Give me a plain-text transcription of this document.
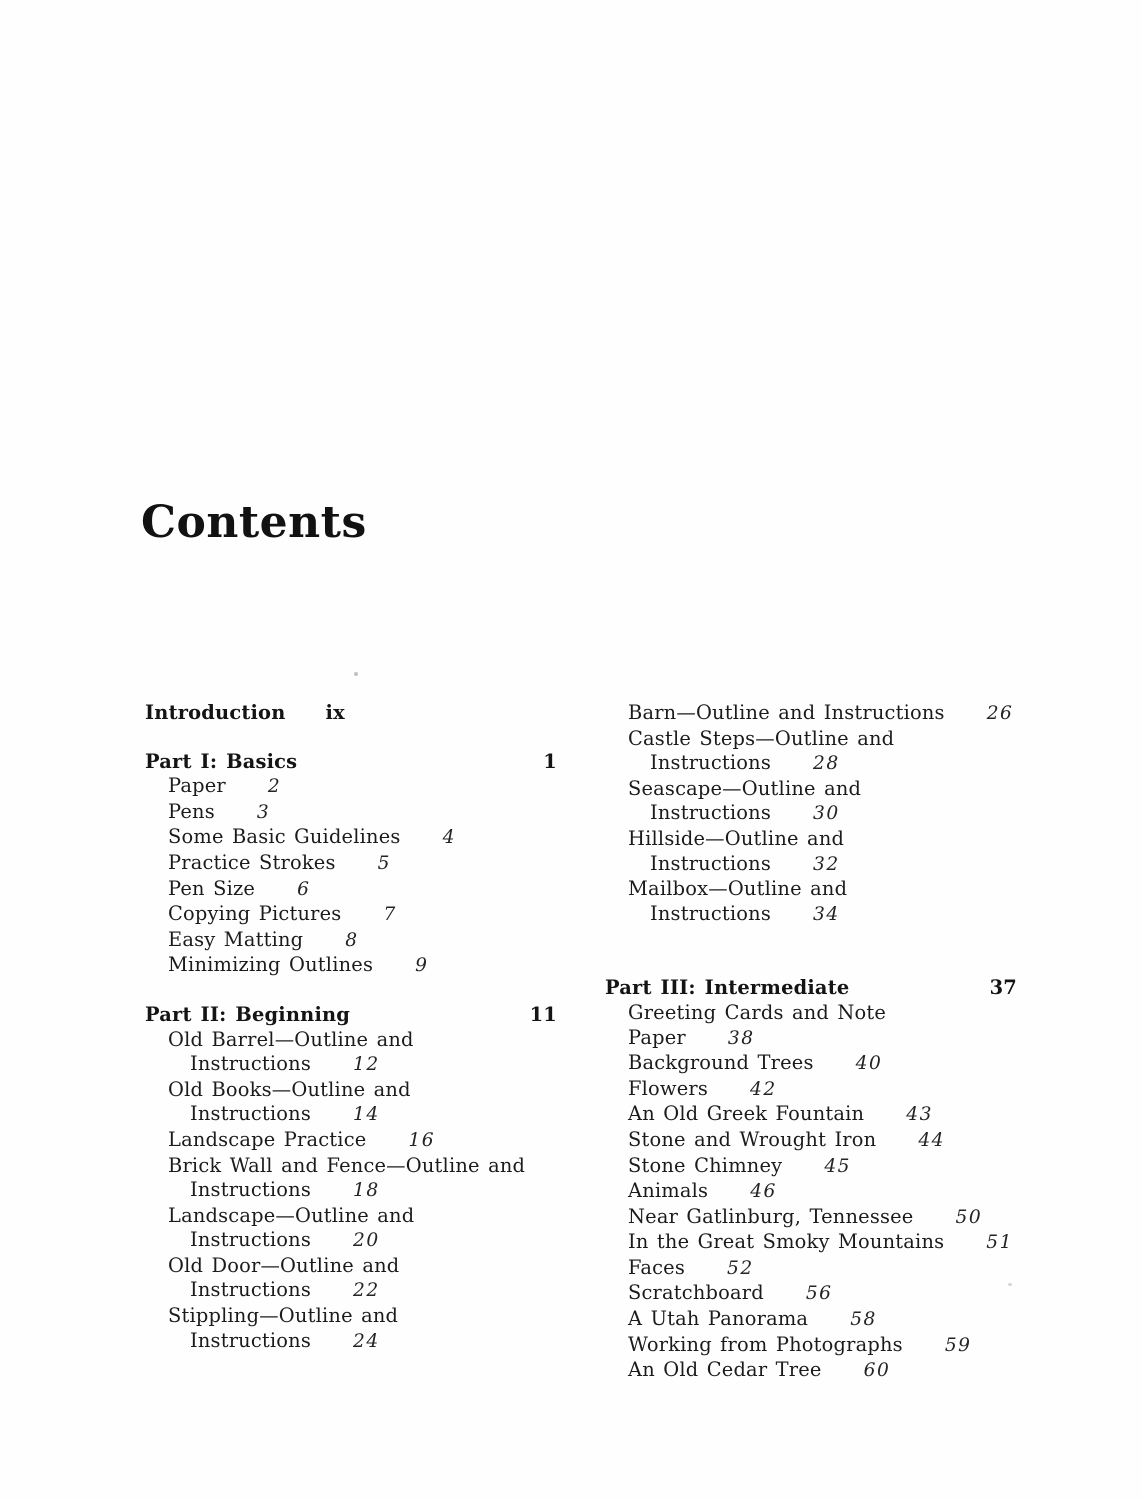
Contents
Introduction ix
Part I: Basics	1
Paper 2
Pens 3
Some Basic Guidelines 4
Practice Strokes 5
Pen Size 6
Copying Pictures 7
Easy Matting 8
Minimizing Outlines 9
Part II: Beginning	11
Old Barrel—Outline and
Instructions 12
Old Books—Outline and
Instructions 14
Landscape Practice 16
Brick Wall and Fence—Outline and
Instructions 18
Landscape—Outline and
Instructions 20
Old Door—Outline and
Instructions 22
Stippling—Outline and
Instructions 24
Barn—Outline and Instructions 26
Castle Steps—Outline and
Instructions 28
Seascape—Outline and
Instructions 30
Hillside—Outline and
Instructions 32
Mailbox—Outline and
Instructions 34
Part III: Intermediate	37
Greeting Cards and Note Paper 38
Background Trees 40
Flowers 42
An Old Greek Fountain 43
Stone and Wrought Iron 44
Stone Chimney 45
Animals 46
Near Gatlinburg, Tennessee 50
In the Great Smoky Mountains 51
Faces 52
Scratchboard 56
A Utah Panorama 58
Working from Photographs 59
An Old Cedar Tree 60
